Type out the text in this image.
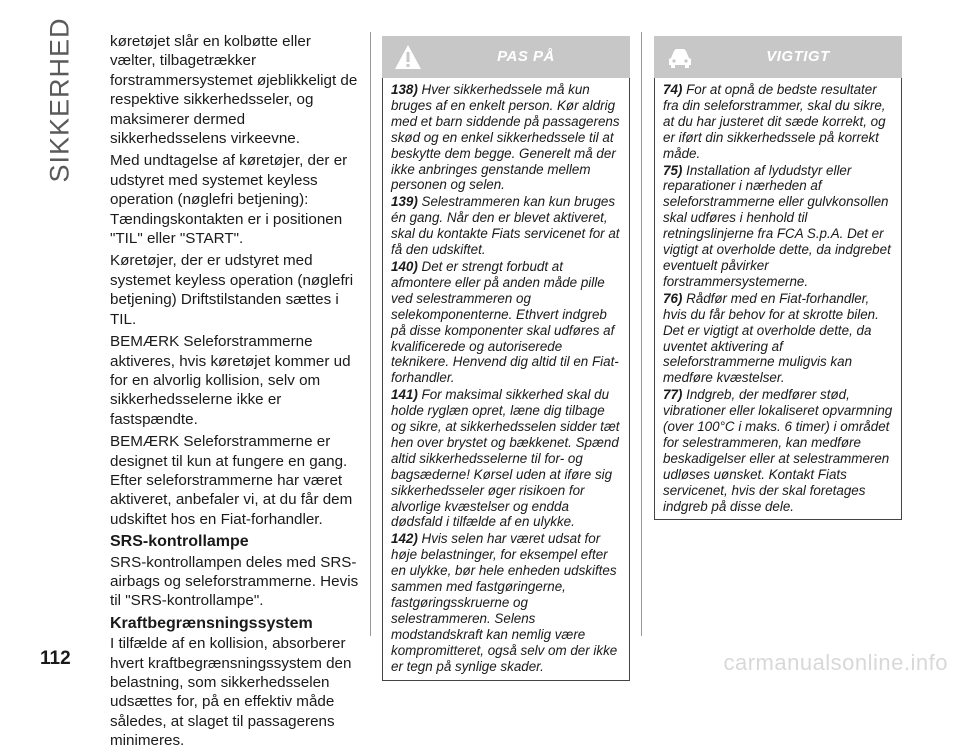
SIKKERHED køretøjet slår en kolbøtte eller vælter, tilbagetrækker forstrammersystemet øjeblikkeligt de respektive sikkerhedsseler, og maksimerer dermed sikkerhedsselens virkeevne.

Med undtagelse af køretøjer, der er udstyret med systemet keyless operation (nøglefri betjening): Tændingskontakten er i positionen "TIL" eller "START".

Køretøjer, der er udstyret med systemet keyless operation (nøglefri betjening) Driftstilstanden sættes i TIL.

BEMÆRK Seleforstrammerne aktiveres, hvis køretøjet kommer ud for en alvorlig kollision, selv om sikkerhedsselerne ikke er fastspændte.

BEMÆRK Seleforstrammerne er designet til kun at fungere en gang. Efter seleforstrammerne har været aktiveret, anbefaler vi, at du får dem udskiftet hos en Fiat-forhandler.

SRS-kontrollampe

SRS-kontrollampen deles med SRS-airbags og seleforstrammerne. Hevis til "SRS-kontrollampe".

Kraftbegrænsningssystem

I tilfælde af en kollision, absorberer hvert kraftbegrænsningssystem den belastning, som sikkerhedsselen udsættes for, på en effektiv måde således, at slaget til passagerens minimeres.

PAS PÅ

138) Hver sikkerhedssele må kun bruges af en enkelt person. Kør aldrig med et barn siddende på passagerens skød og en enkel sikkerhedssele til at beskytte dem begge. Generelt må der ikke anbringes genstande mellem personen og selen.

139) Selestrammeren kan kun bruges én gang. Når den er blevet aktiveret, skal du kontakte Fiats servicenet for at få den udskiftet.

140) Det er strengt forbudt at afmontere eller på anden måde pille ved selestrammeren og selekomponenterne. Ethvert indgreb på disse komponenter skal udføres af kvalificerede og autoriserede teknikere. Henvend dig altid til en Fiat-forhandler.

141) For maksimal sikkerhed skal du holde ryglæn opret, læne dig tilbage og sikre, at sikkerhedsselen sidder tæt hen over brystet og bækkenet. Spænd altid sikkerhedsselerne til for- og bagsæderne! Kørsel uden at iføre sig sikkerhedsseler øger risikoen for alvorlige kvæstelser og endda dødsfald i tilfælde af en ulykke.

142) Hvis selen har været udsat for høje belastninger, for eksempel efter en ulykke, bør hele enheden udskiftes sammen med fastgøringerne, fastgøringsskruerne og selestrammeren. Selens modstandskraft kan nemlig være kompromitteret, også selv om der ikke er tegn på synlige skader.

VIGTIGT

74) For at opnå de bedste resultater fra din seleforstrammer, skal du sikre, at du har justeret dit sæde korrekt, og er iført din sikkerhedssele på korrekt måde.

75) Installation af lydudstyr eller reparationer i nærheden af seleforstrammerne eller gulvkonsollen skal udføres i henhold til retningslinjerne fra FCA S.p.A. Det er vigtigt at overholde dette, da indgrebet eventuelt påvirker forstrammersystemerne.

76) Rådfør med en Fiat-forhandler, hvis du får behov for at skrotte bilen. Det er vigtigt at overholde dette, da uventet aktivering af seleforstrammerne muligvis kan medføre kvæstelser.

77) Indgreb, der medfører stød, vibrationer eller lokaliseret opvarmning (over 100°C i maks. 6 timer) i området for selestrammeren, kan medføre beskadigelser eller at selestrammeren udløses uønsket. Kontakt Fiats servicenet, hvis der skal foretages indgreb på disse dele.

112	carmanualsonline.info
